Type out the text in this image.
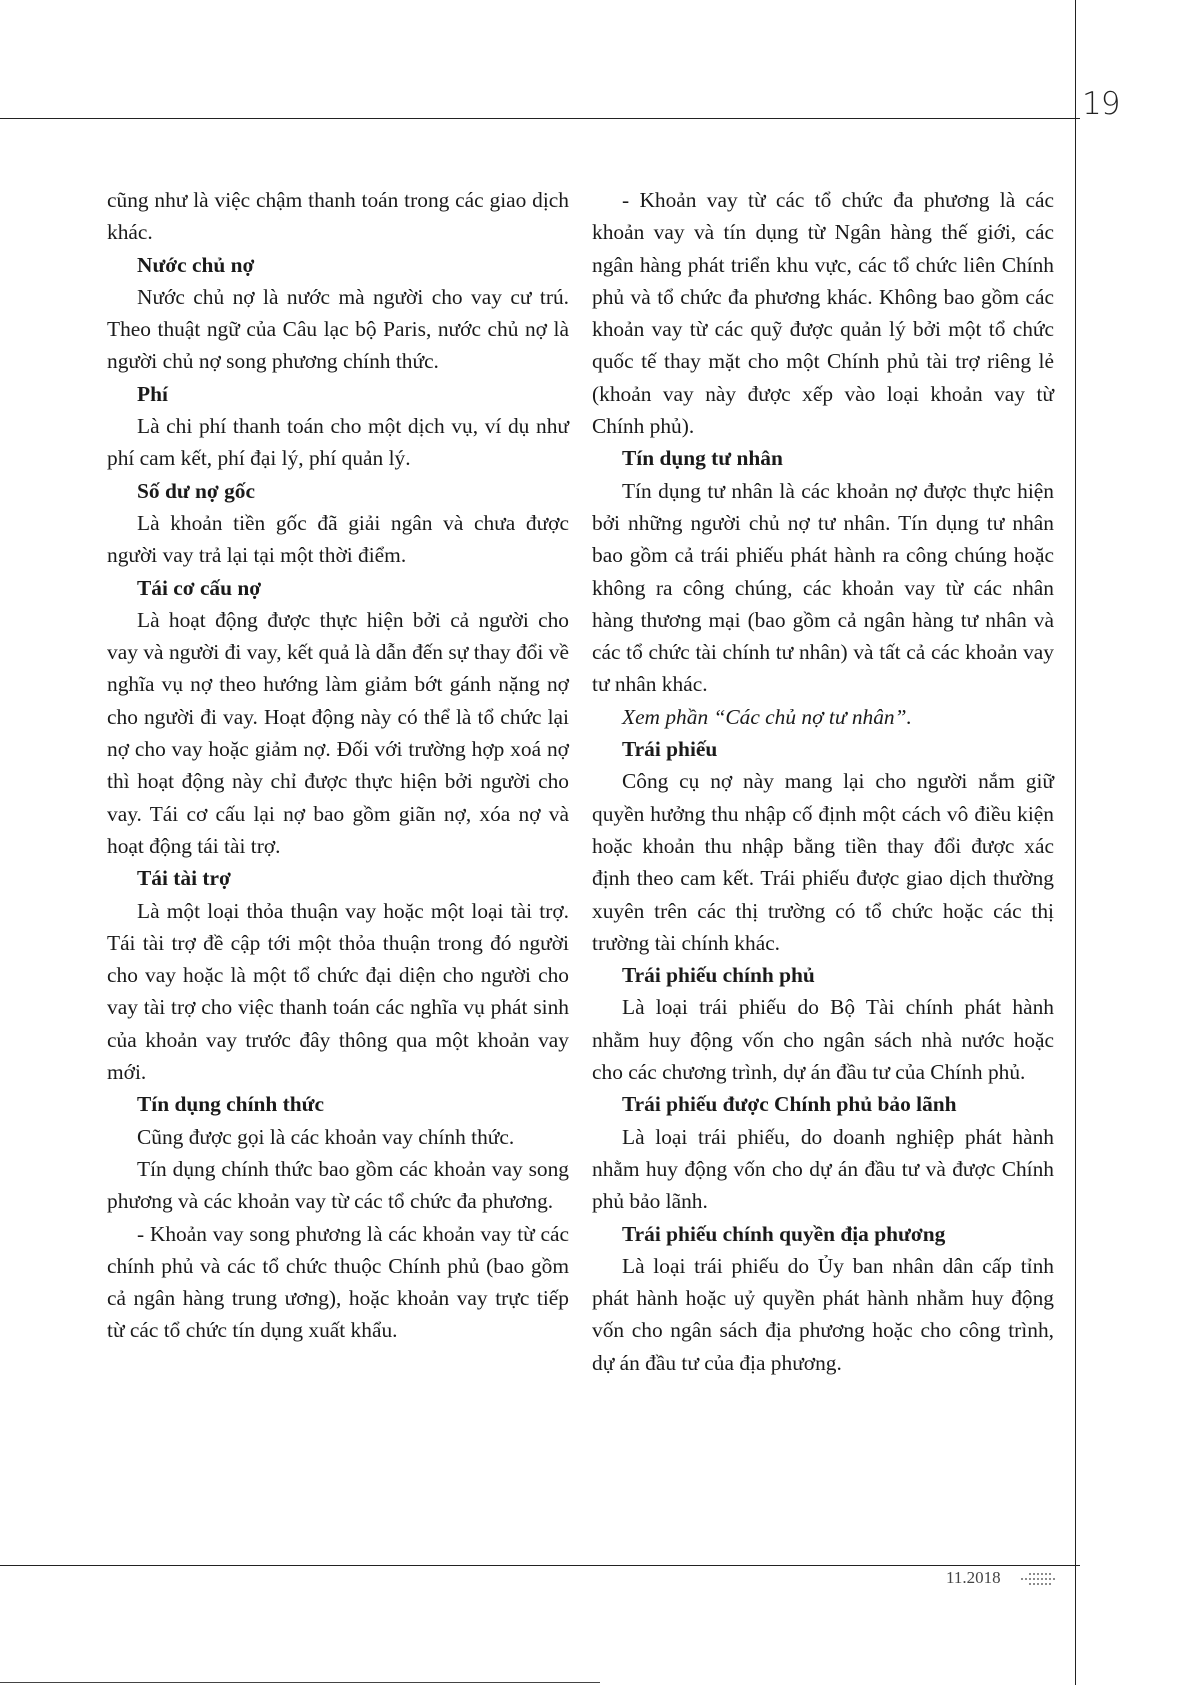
19

cũng như là việc chậm thanh toán trong các giao dịch khác.

Nước chủ nợ

Nước chủ nợ là nước mà người cho vay cư trú. Theo thuật ngữ của Câu lạc bộ Paris, nước chủ nợ là người chủ nợ song phương chính thức.

Phí

Là chi phí thanh toán cho một dịch vụ, ví dụ như phí cam kết, phí đại lý, phí quản lý.

Số dư nợ gốc

Là khoản tiền gốc đã giải ngân và chưa được người vay trả lại tại một thời điểm.

Tái cơ cấu nợ

Là hoạt động được thực hiện bởi cả người cho vay và người đi vay, kết quả là dẫn đến sự thay đổi về nghĩa vụ nợ theo hướng làm giảm bớt gánh nặng nợ cho người đi vay. Hoạt động này có thể là tổ chức lại nợ cho vay hoặc giảm nợ. Đối với trường hợp xoá nợ thì hoạt động này chỉ được thực hiện bởi người cho vay. Tái cơ cấu lại nợ bao gồm giãn nợ, xóa nợ và hoạt động tái tài trợ.

Tái tài trợ

Là một loại thỏa thuận vay hoặc một loại tài trợ. Tái tài trợ đề cập tới một thỏa thuận trong đó người cho vay hoặc là một tổ chức đại diện cho người cho vay tài trợ cho việc thanh toán các nghĩa vụ phát sinh của khoản vay trước đây thông qua một khoản vay mới.

Tín dụng chính thức

Cũng được gọi là các khoản vay chính thức.

Tín dụng chính thức bao gồm các khoản vay song phương và các khoản vay từ các tổ chức đa phương.

- Khoản vay song phương là các khoản vay từ các chính phủ và các tổ chức thuộc Chính phủ (bao gồm cả ngân hàng trung ương), hoặc khoản vay trực tiếp từ các tổ chức tín dụng xuất khẩu.

- Khoản vay từ các tổ chức đa phương là các khoản vay và tín dụng từ Ngân hàng thế giới, các ngân hàng phát triển khu vực, các tổ chức liên Chính phủ và tổ chức đa phương khác. Không bao gồm các khoản vay từ các quỹ được quản lý bởi một tổ chức quốc tế thay mặt cho một Chính phủ tài trợ riêng lẻ (khoản vay này được xếp vào loại khoản vay từ Chính phủ).

Tín dụng tư nhân

Tín dụng tư nhân là các khoản nợ được thực hiện bởi những người chủ nợ tư nhân. Tín dụng tư nhân bao gồm cả trái phiếu phát hành ra công chúng hoặc không ra công chúng, các khoản vay từ các nhân hàng thương mại (bao gồm cả ngân hàng tư nhân và các tổ chức tài chính tư nhân) và tất cả các khoản vay tư nhân khác.

Xem phần “Các chủ nợ tư nhân”.

Trái phiếu

Công cụ nợ này mang lại cho người nắm giữ quyền hưởng thu nhập cố định một cách vô điều kiện hoặc khoản thu nhập bằng tiền thay đổi được xác định theo cam kết. Trái phiếu được giao dịch thường xuyên trên các thị trường có tổ chức hoặc các thị trường tài chính khác.

Trái phiếu chính phủ

Là loại trái phiếu do Bộ Tài chính phát hành nhằm huy động vốn cho ngân sách nhà nước hoặc cho các chương trình, dự án đầu tư của Chính phủ.

Trái phiếu được Chính phủ bảo lãnh

Là loại trái phiếu, do doanh nghiệp phát hành nhằm huy động vốn cho dự án đầu tư và được Chính phủ bảo lãnh.

Trái phiếu chính quyền địa phương

Là loại trái phiếu do Ủy ban nhân dân cấp tỉnh phát hành hoặc uỷ quyền phát hành nhằm huy động vốn cho ngân sách địa phương hoặc cho công trình, dự án đầu tư của địa phương.

11.2018
